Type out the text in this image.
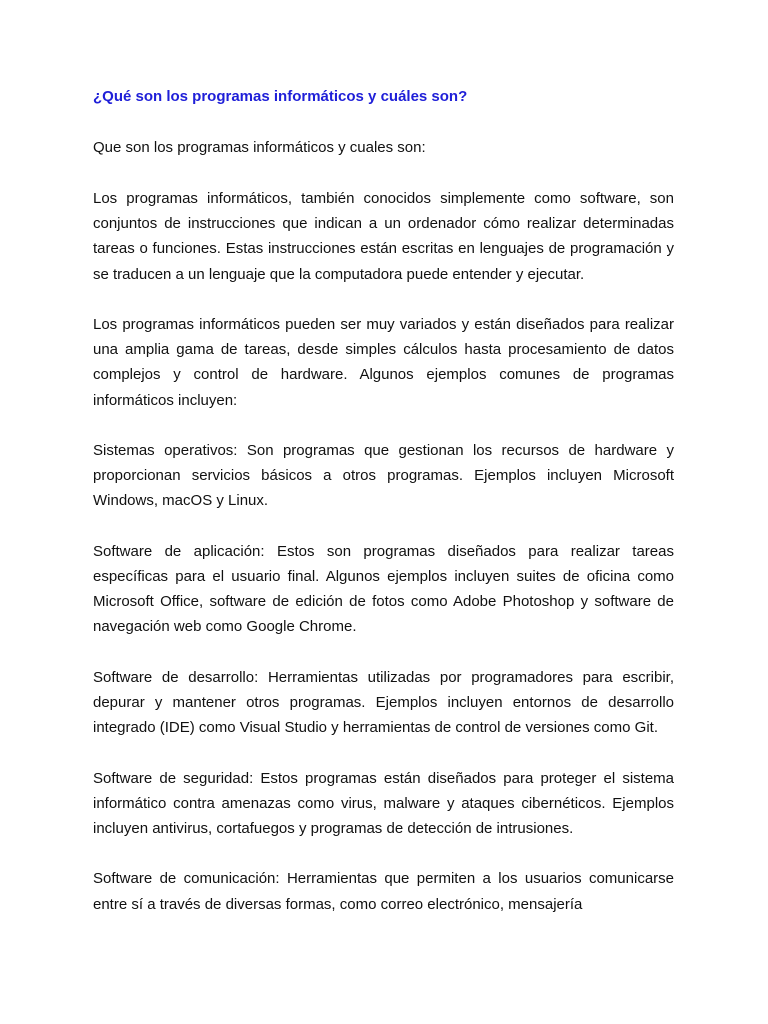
¿Qué son los programas informáticos y cuáles son?
Que son los programas informáticos y cuales son:

Los programas informáticos, también conocidos simplemente como software, son conjuntos de instrucciones que indican a un ordenador cómo realizar determinadas tareas o funciones. Estas instrucciones están escritas en lenguajes de programación y se traducen a un lenguaje que la computadora puede entender y ejecutar.

Los programas informáticos pueden ser muy variados y están diseñados para realizar una amplia gama de tareas, desde simples cálculos hasta procesamiento de datos complejos y control de hardware. Algunos ejemplos comunes de programas informáticos incluyen:

Sistemas operativos: Son programas que gestionan los recursos de hardware y proporcionan servicios básicos a otros programas. Ejemplos incluyen Microsoft Windows, macOS y Linux.

Software de aplicación: Estos son programas diseñados para realizar tareas específicas para el usuario final. Algunos ejemplos incluyen suites de oficina como Microsoft Office, software de edición de fotos como Adobe Photoshop y software de navegación web como Google Chrome.

Software de desarrollo: Herramientas utilizadas por programadores para escribir, depurar y mantener otros programas. Ejemplos incluyen entornos de desarrollo integrado (IDE) como Visual Studio y herramientas de control de versiones como Git.

Software de seguridad: Estos programas están diseñados para proteger el sistema informático contra amenazas como virus, malware y ataques cibernéticos. Ejemplos incluyen antivirus, cortafuegos y programas de detección de intrusiones.

Software de comunicación: Herramientas que permiten a los usuarios comunicarse entre sí a través de diversas formas, como correo electrónico, mensajería
